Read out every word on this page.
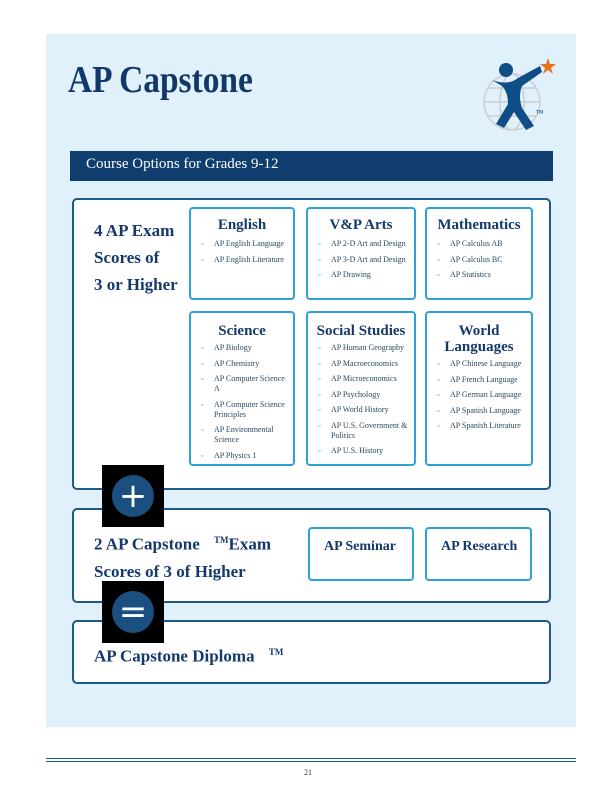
AP Capstone
TM
Course Options for Grades 9-12
4 AP Exam
Scores of
3 or Higher
English
▫ AP English Language
▫ AP English Literature
V&P Arts
▫ AP 2-D Art and Design
▫ AP 3-D Art and Design
▫ AP Drawing
Mathematics
▫ AP Calculus AB
▫ AP Calculus BC
▫ AP Statistics
Science
▫ AP Biology
▫ AP Chemistry
▫ AP Computer Science A
▫ AP Computer Science Principles
▫ AP Environmental Science
▫ AP Physics 1
Social Studies
▫ AP Human Geography
▫ AP Macroeconomics
▫ AP Microeconomics
▫ AP Psychology
▫ AP World History
▫ AP U.S. Government & Politics
▫ AP U.S. History
World Languages
▫ AP Chinese Language
▫ AP French Language
▫ AP German Language
▫ AP Spanish Language
▫ AP Spanish Literature
2 AP Capstone ™Exam
Scores of 3 of Higher
AP Seminar	AP Research
AP Capstone Diploma ™
+
=
21
